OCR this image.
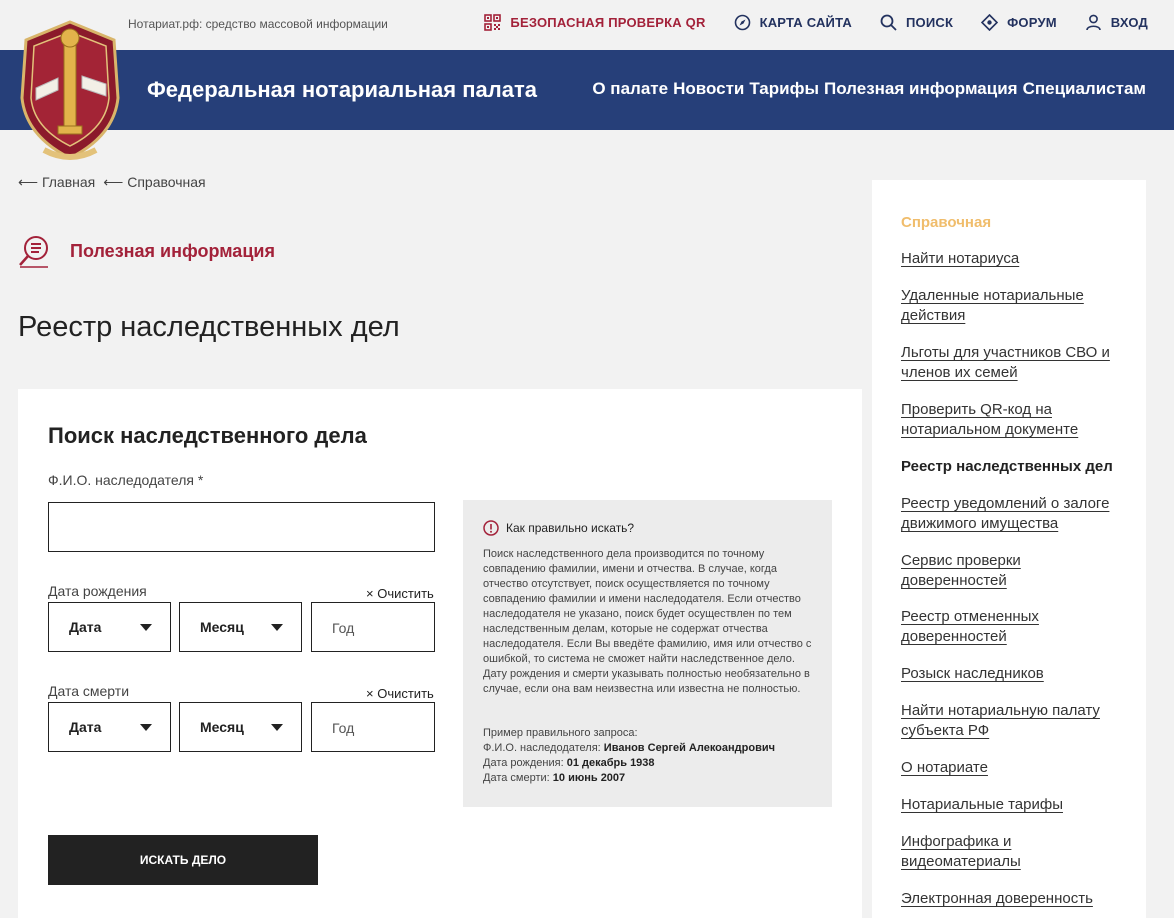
Нотариат.рф: средство массовой информации	БЕЗОПАСНАЯ ПРОВЕРКА QR	КАРТА САЙТА	ПОИСК	ФОРУМ	ВХОД
Федеральная нотариальная палата	О палате Новости Тарифы Полезная информация Специалистам
⟵ Главная ⟵ Справочная
Полезная информация
Реестр наследственных дел
Поиск наследственного дела
Ф.И.О. наследодателя *
Дата рождения	× Очистить
Дата	Месяц	Год
Дата смерти	× Очистить
Дата	Месяц	Год
Как правильно искать?
Поиск наследственного дела производится по точному совпадению фамилии, имени и отчества. В случае, когда отчество отсутствует, поиск осуществляется по точному совпадению фамилии и имени наследодателя. Если отчество наследодателя не указано, поиск будет осуществлен по тем наследственным делам, которые не содержат отчества наследодателя. Если Вы введёте фамилию, имя или отчество с ошибкой, то система не сможет найти наследственное дело. Дату рождения и смерти указывать полностью необязательно в случае, если она вам неизвестна или известна не полностью.
Пример правильного запроса:
Ф.И.О. наследодателя: Иванов Сергей Алекоандрович
Дата рождения: 01 декабрь 1938
Дата смерти: 10 июнь 2007
ИСКАТЬ ДЕЛО
Справочная
Найти нотариуса
Удаленные нотариальные действия
Льготы для участников СВО и членов их семей
Проверить QR-код на нотариальном документе
Реестр наследственных дел
Реестр уведомлений о залоге движимого имущества
Сервис проверки доверенностей
Реестр отмененных доверенностей
Розыск наследников
Найти нотариальную палату субъекта РФ
О нотариате
Нотариальные тарифы
Инфографика и видеоматериалы
Электронная доверенность
